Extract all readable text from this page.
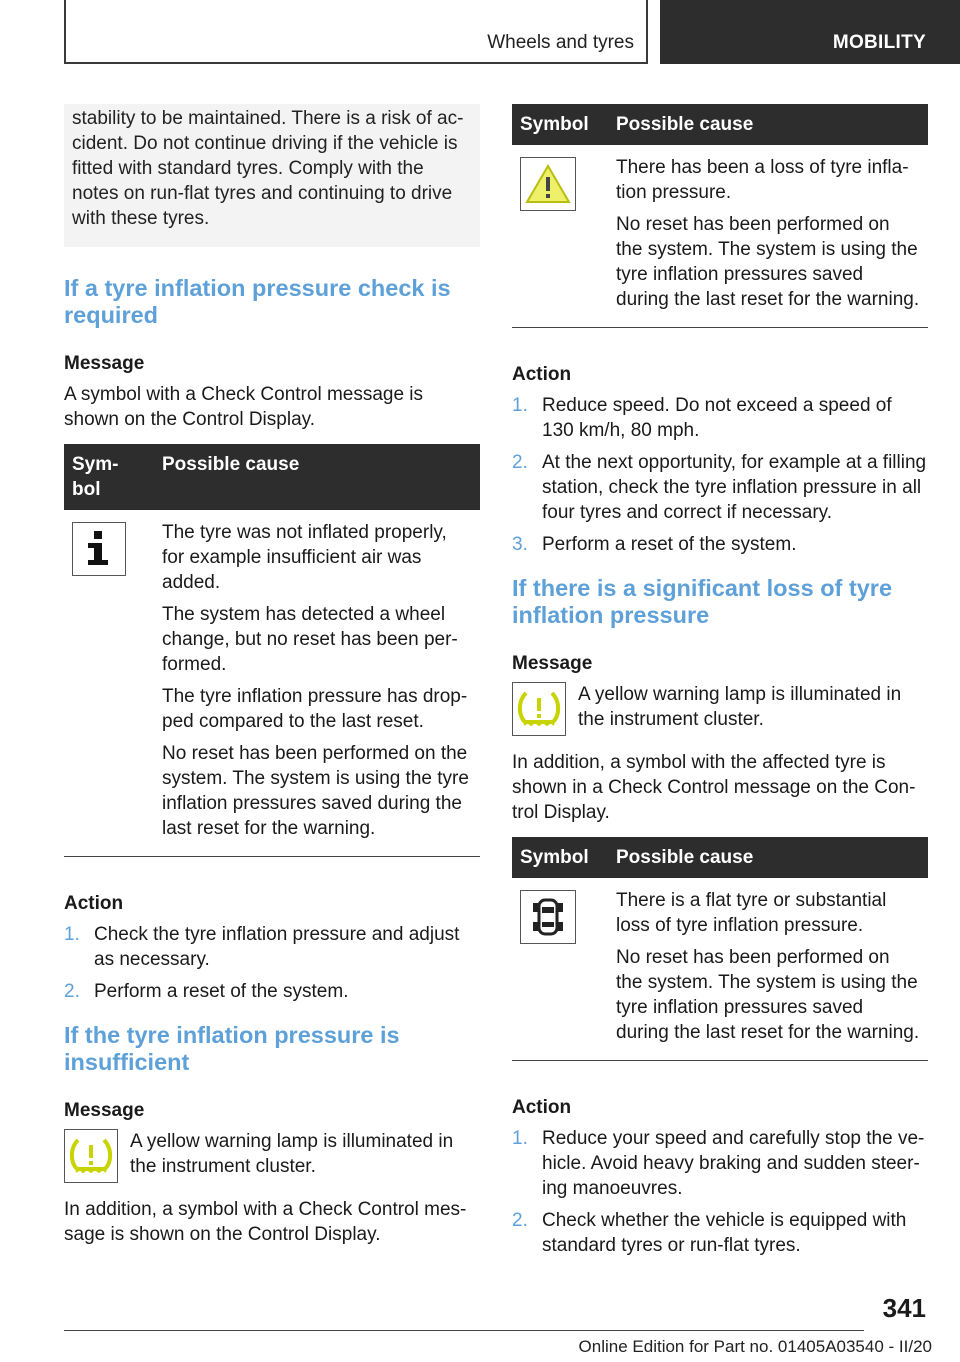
Wheels and tyres	MOBILITY

stability to be maintained. There is a risk of ac‐cident. Do not continue driving if the vehicle is fitted with standard tyres. Comply with the notes on run-flat tyres and continuing to drive with these tyres.

If a tyre inflation pressure check is required
Message

A symbol with a Check Control message is shown on the Control Display.

Sym‐bol	Possible cause

The tyre was not inflated properly, for example insufficient air was added.

The system has detected a wheel change, but no reset has been per‐formed.

The tyre inflation pressure has drop‐ped compared to the last reset.

No reset has been performed on the system. The system is using the tyre inflation pressures saved during the last reset for the warning.

Action
1. Check the tyre inflation pressure and adjust as necessary.
2. Perform a reset of the system.
If the tyre inflation pressure is insufficient
Message

A yellow warning lamp is illuminated in the instrument cluster.

In addition, a symbol with a Check Control mes‐sage is shown on the Control Display.

Symbol	Possible cause

There has been a loss of tyre infla‐tion pressure.

No reset has been performed on the system. The system is using the tyre inflation pressures saved during the last reset for the warning.

Action
1. Reduce speed. Do not exceed a speed of 130 km/h, 80 mph.
2. At the next opportunity, for example at a filling station, check the tyre inflation pressure in all four tyres and correct if necessary.
3. Perform a reset of the system.
If there is a significant loss of tyre inflation pressure
Message

A yellow warning lamp is illuminated in the instrument cluster.

In addition, a symbol with the affected tyre is shown in a Check Control message on the Con‐trol Display.

Symbol	Possible cause

There is a flat tyre or substantial loss of tyre inflation pressure.

No reset has been performed on the system. The system is using the tyre inflation pressures saved during the last reset for the warning.

Action
1. Reduce your speed and carefully stop the ve‐hicle. Avoid heavy braking and sudden steer‐ing manoeuvres.
2. Check whether the vehicle is equipped with standard tyres or run-flat tyres.
341
Online Edition for Part no. 01405A03540 - II/20
